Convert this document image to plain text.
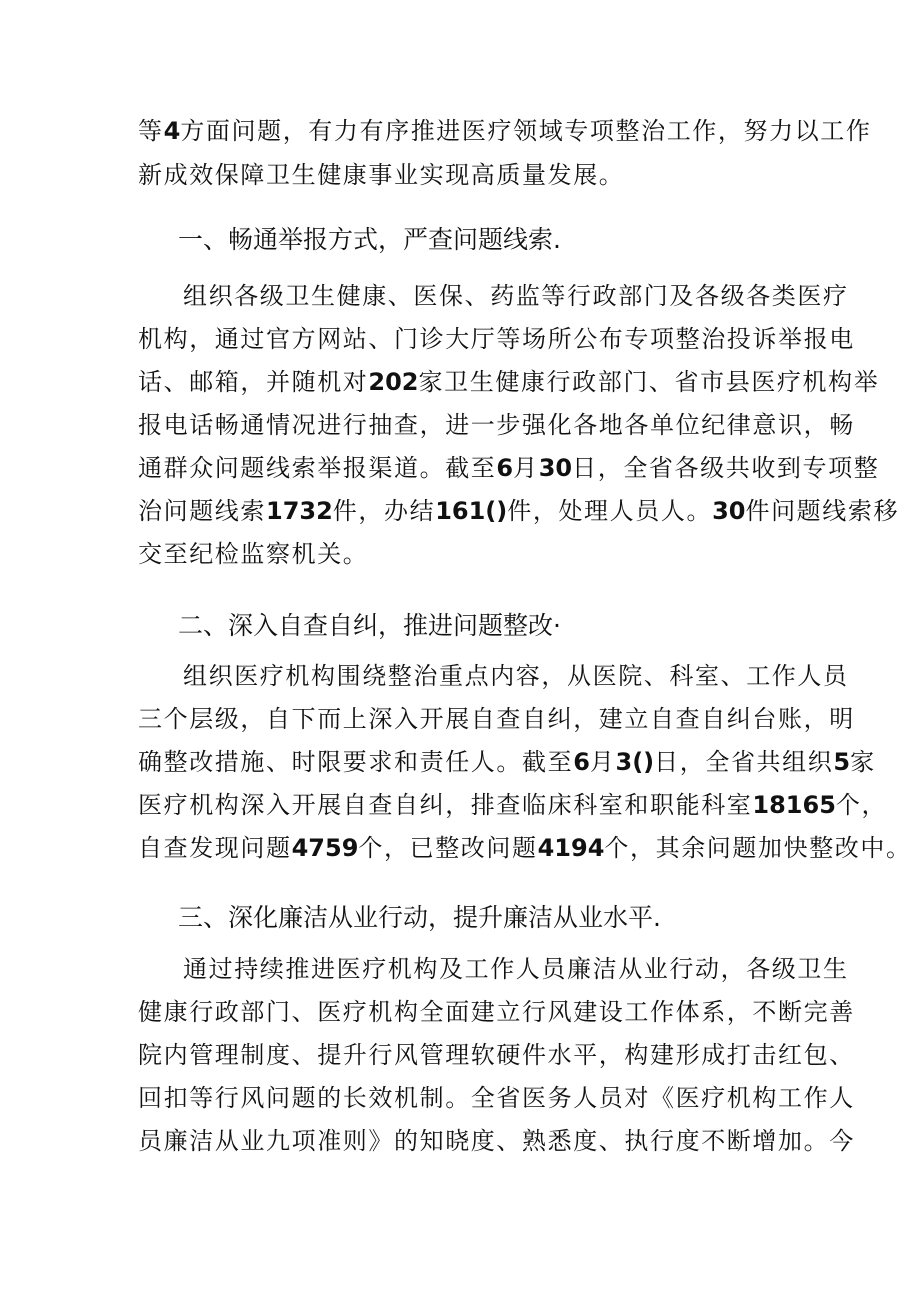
等4方面问题，有力有序推进医疗领域专项整治工作，努力以工作
新成效保障卫生健康事业实现高质量发展。
一、畅通举报方式，严查问题线索.
组织各级卫生健康、医保、药监等行政部门及各级各类医疗
机构，通过官方网站、门诊大厅等场所公布专项整治投诉举报电
话、邮箱，并随机对202家卫生健康行政部门、省市县医疗机构举
报电话畅通情况进行抽查，进一步强化各地各单位纪律意识，畅
通群众问题线索举报渠道。截至6月30日，全省各级共收到专项整
治问题线索1732件，办结161()件，处理人员人。30件问题线索移
交至纪检监察机关。
二、深入自查自纠，推进问题整改·
组织医疗机构围绕整治重点内容，从医院、科室、工作人员
三个层级，自下而上深入开展自查自纠，建立自查自纠台账，明
确整改措施、时限要求和责任人。截至6月3()日，全省共组织5家
医疗机构深入开展自查自纠，排查临床科室和职能科室18165个，
自查发现问题4759个，已整改问题4194个，其余问题加快整改中。
三、深化廉洁从业行动，提升廉洁从业水平.
通过持续推进医疗机构及工作人员廉洁从业行动，各级卫生
健康行政部门、医疗机构全面建立行风建设工作体系，不断完善
院内管理制度、提升行风管理软硬件水平，构建形成打击红包、
回扣等行风问题的长效机制。全省医务人员对《医疗机构工作人
员廉洁从业九项准则》的知晓度、熟悉度、执行度不断增加。今
